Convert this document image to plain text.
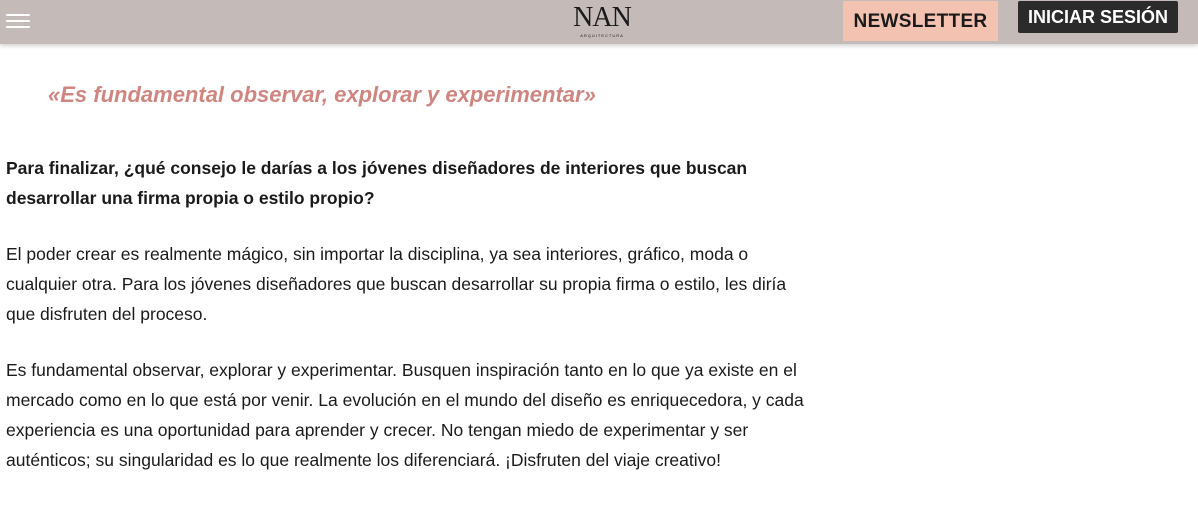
NAN
ARQUITECTURA
NEWSLETTER	INICIAR SESIÓN
«Es fundamental observar, explorar y experimentar»

Para finalizar, ¿qué consejo le darías a los jóvenes diseñadores de interiores que buscan desarrollar una firma propia o estilo propio?

El poder crear es realmente mágico, sin importar la disciplina, ya sea interiores, gráfico, moda o cualquier otra. Para los jóvenes diseñadores que buscan desarrollar su propia firma o estilo, les diría que disfruten del proceso.

Es fundamental observar, explorar y experimentar. Busquen inspiración tanto en lo que ya existe en el mercado como en lo que está por venir. La evolución en el mundo del diseño es enriquecedora, y cada experiencia es una oportunidad para aprender y crecer. No tengan miedo de experimentar y ser auténticos; su singularidad es lo que realmente los diferenciará. ¡Disfruten del viaje creativo!
